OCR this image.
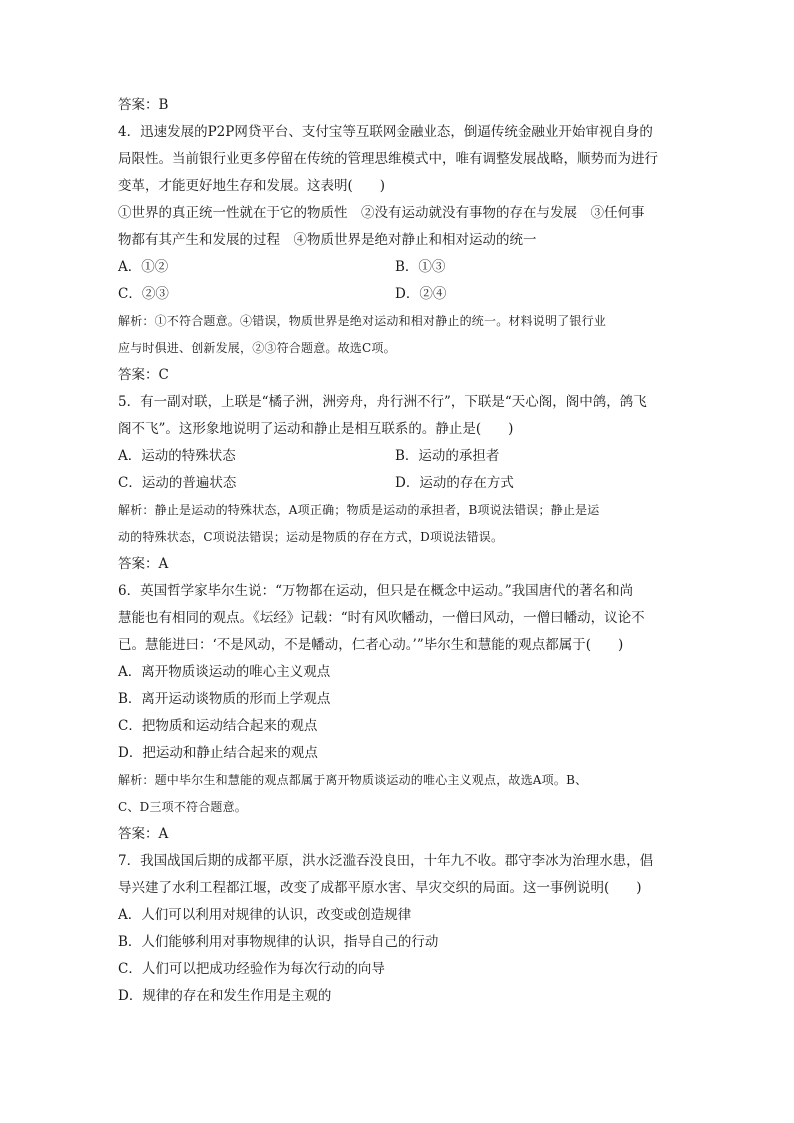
答案：B
4．迅速发展的P2P网贷平台、支付宝等互联网金融业态，倒逼传统金融业开始审视自身的
局限性。当前银行业更多停留在传统的管理思维模式中，唯有调整发展战略，顺势而为进行
变革，才能更好地生存和发展。这表明(　　)
①世界的真正统一性就在于它的物质性　②没有运动就没有事物的存在与发展　③任何事
物都有其产生和发展的过程　④物质世界是绝对静止和相对运动的统一
A．①②	B．①③
C．②③	D．②④
解析：①不符合题意。④错误，物质世界是绝对运动和相对静止的统一。材料说明了银行业
应与时俱进、创新发展，②③符合题意。故选C项。
答案：C
5．有一副对联，上联是“橘子洲，洲旁舟，舟行洲不行”，下联是“天心阁，阁中鸽，鸽飞
阁不飞”。这形象地说明了运动和静止是相互联系的。静止是(　　)
A．运动的特殊状态	B．运动的承担者
C．运动的普遍状态	D．运动的存在方式
解析：静止是运动的特殊状态，A项正确；物质是运动的承担者，B项说法错误；静止是运
动的特殊状态，C项说法错误；运动是物质的存在方式，D项说法错误。
答案：A
6．英国哲学家毕尔生说：“万物都在运动，但只是在概念中运动。”我国唐代的著名和尚
慧能也有相同的观点。《坛经》记载：“时有风吹幡动，一僧曰风动，一僧曰幡动，议论不
已。慧能进曰：‘不是风动，不是幡动，仁者心动。’”毕尔生和慧能的观点都属于(　　)
A．离开物质谈运动的唯心主义观点
B．离开运动谈物质的形而上学观点
C．把物质和运动结合起来的观点
D．把运动和静止结合起来的观点
解析：题中毕尔生和慧能的观点都属于离开物质谈运动的唯心主义观点，故选A项。B、
C、D三项不符合题意。
答案：A
7．我国战国后期的成都平原，洪水泛滥吞没良田，十年九不收。郡守李冰为治理水患，倡
导兴建了水利工程都江堰，改变了成都平原水害、旱灾交织的局面。这一事例说明(　　)
A．人们可以利用对规律的认识，改变或创造规律
B．人们能够利用对事物规律的认识，指导自己的行动
C．人们可以把成功经验作为每次行动的向导
D．规律的存在和发生作用是主观的
